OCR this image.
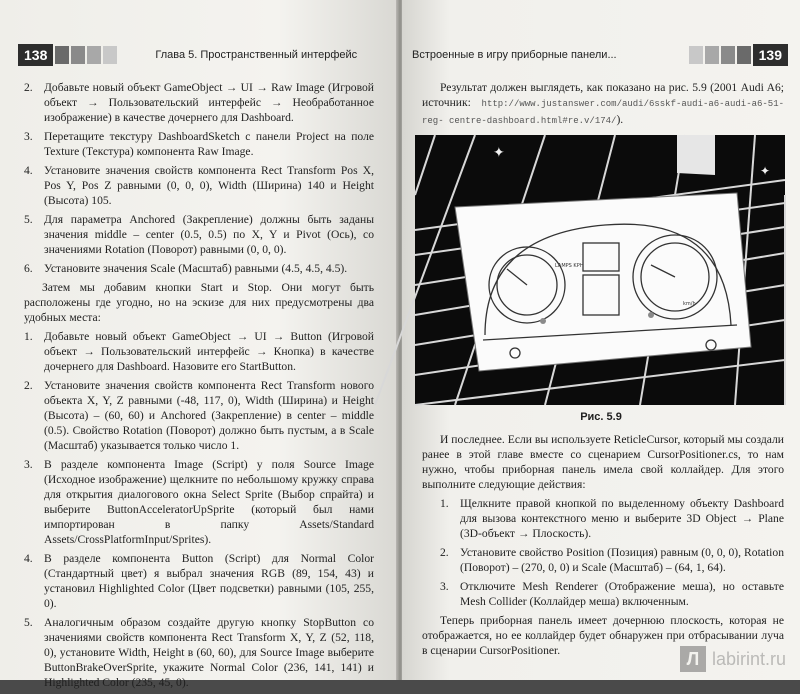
138	Глава 5. Пространственный интерфейс
2. Добавьте новый объект GameObject → UI → Raw Image (Игровой объект → Пользовательский интерфейс → Необработанное изображение) в качестве дочернего для Dashboard.
3. Перетащите текстуру DashboardSketch с панели Project на поле Texture (Текстура) компонента Raw Image.
4. Установите значения свойств компонента Rect Transform Pos X, Pos Y, Pos Z равными (0, 0, 0), Width (Ширина) 140 и Height (Высота) 105.
5. Для параметра Anchored (Закрепление) должны быть заданы значения middle – center (0.5, 0.5) по X, Y и Pivot (Ось), со значениями Rotation (Поворот) равными (0, 0, 0).
6. Установите значения Scale (Масштаб) равными (4.5, 4.5, 4.5).

Затем мы добавим кнопки Start и Stop. Они могут быть расположены где угодно, но на эскизе для них предусмотрены два удобных места:

1. Добавьте новый объект GameObject → UI → Button (Игровой объект → Пользовательский интерфейс → Кнопка) в качестве дочернего для Dashboard. Назовите его StartButton.
2. Установите значения свойств компонента Rect Transform нового объекта X, Y, Z равными (-48, 117, 0), Width (Ширина) и Height (Высота) – (60, 60) и Anchored (Закрепление) в center – middle (0.5). Свойство Rotation (Поворот) должно быть пустым, а в Scale (Масштаб) указывается только число 1.
3. В разделе компонента Image (Script) у поля Source Image (Исходное изображение) щелкните по небольшому кружку справа для открытия диалогового окна Select Sprite (Выбор спрайта) и выберите ButtonAcceleratorUpSprite (который был нами импортирован в папку Assets/Standard Assets/CrossPlatformInput/Sprites).
4. В разделе компонента Button (Script) для Normal Color (Стандартный цвет) я выбрал значения RGB (89, 154, 43) и установил Highlighted Color (Цвет подсветки) равными (105, 255, 0).
5. Аналогичным образом создайте другую кнопку StopButton со значениями свойств компонента Rect Transform X, Y, Z (52, 118, 0), установите Width, Height в (60, 60), для Source Image выберите ButtonBrakeOverSprite, укажите Normal Color (236, 141, 141) и Highlighted Color (235, 45, 0).
Встроенные в игру приборные панели...	139

Результат должен выглядеть, как показано на рис. 5.9 (2001 Audi A6; источник: http://www.justanswer.com/audi/6sskf-audi-a6-audi-a6-51-reg- centre-dashboard.html#re.v/174/).

✦
✦
LAMPS KPH
km/h
Рис. 5.9

И последнее. Если вы используете ReticleCursor, который мы создали ранее в этой главе вместе со сценарием CursorPositioner.cs, то нам нужно, чтобы приборная панель имела свой коллайдер. Для этого выполните следующие действия:

1. Щелкните правой кнопкой по выделенному объекту Dashboard для вызова контекстного меню и выберите 3D Object → Plane (3D-объект → Плоскость).
2. Установите свойство Position (Позиция) равным (0, 0, 0), Rotation (Поворот) – (270, 0, 0) и Scale (Масштаб) – (64, 1, 64).
3. Отключите Mesh Renderer (Отображение меша), но оставьте Mesh Collider (Коллайдер меша) включенным.

Теперь приборная панель имеет дочернюю плоскость, которая не отображается, но ее коллайдер будет обнаружен при отбрасывании луча в сценарии CursorPositioner.	Л labirint.ru
